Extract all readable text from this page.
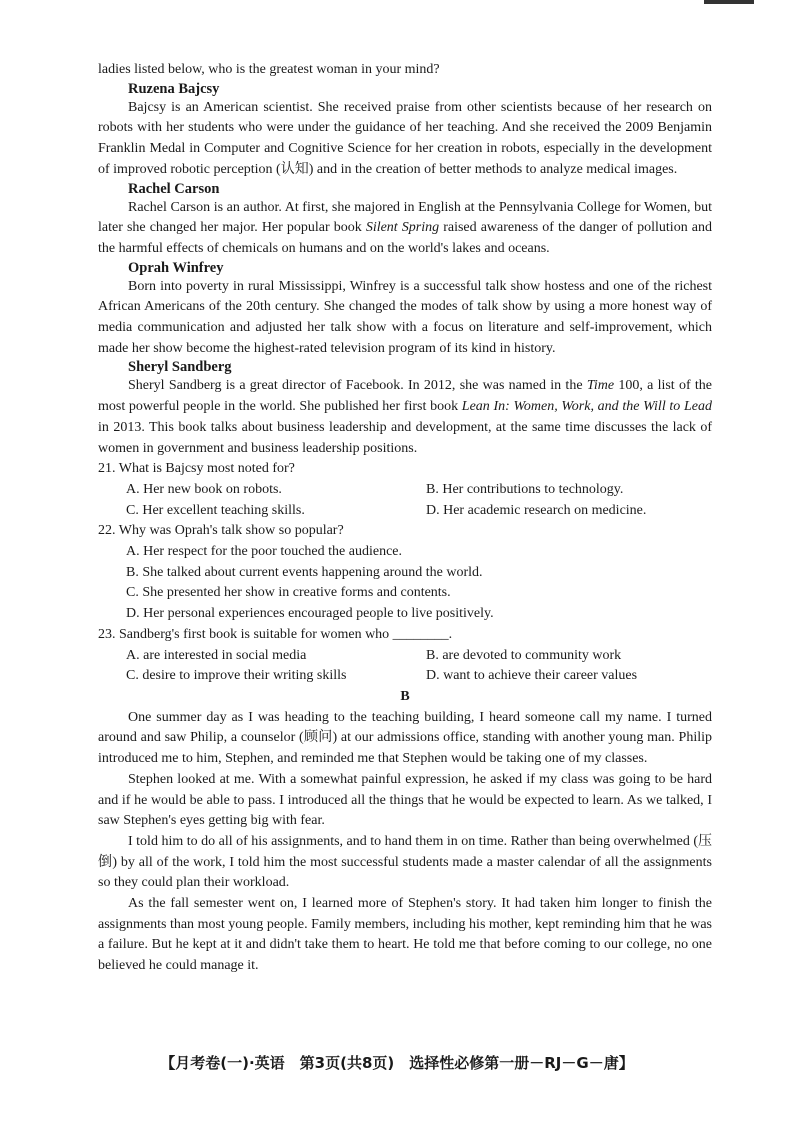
ladies listed below, who is the greatest woman in your mind?
Ruzena Bajcsy
Bajcsy is an American scientist. She received praise from other scientists because of her research on robots with her students who were under the guidance of her teaching. And she received the 2009 Benjamin Franklin Medal in Computer and Cognitive Science for her creation in robots, especially in the development of improved robotic perception (认知) and in the creation of better methods to analyze medical images.
Rachel Carson
Rachel Carson is an author. At first, she majored in English at the Pennsylvania College for Women, but later she changed her major. Her popular book Silent Spring raised awareness of the danger of pollution and the harmful effects of chemicals on humans and on the world's lakes and oceans.
Oprah Winfrey
Born into poverty in rural Mississippi, Winfrey is a successful talk show hostess and one of the richest African Americans of the 20th century. She changed the modes of talk show by using a more honest way of media communication and adjusted her talk show with a focus on literature and self-improvement, which made her show become the highest-rated television program of its kind in history.
Sheryl Sandberg
Sheryl Sandberg is a great director of Facebook. In 2012, she was named in the Time 100, a list of the most powerful people in the world. She published her first book Lean In: Women, Work, and the Will to Lead in 2013. This book talks about business leadership and development, at the same time discusses the lack of women in government and business leadership positions.
21. What is Bajcsy most noted for?
A. Her new book on robots.	B. Her contributions to technology.
C. Her excellent teaching skills.	D. Her academic research on medicine.
22. Why was Oprah's talk show so popular?
A. Her respect for the poor touched the audience.
B. She talked about current events happening around the world.
C. She presented her show in creative forms and contents.
D. Her personal experiences encouraged people to live positively.
23. Sandberg's first book is suitable for women who ________.
A. are interested in social media	B. are devoted to community work
C. desire to improve their writing skills	D. want to achieve their career values
B
One summer day as I was heading to the teaching building, I heard someone call my name. I turned around and saw Philip, a counselor (顾问) at our admissions office, standing with another young man. Philip introduced me to him, Stephen, and reminded me that Stephen would be taking one of my classes.
Stephen looked at me. With a somewhat painful expression, he asked if my class was going to be hard and if he would be able to pass. I introduced all the things that he would be expected to learn. As we talked, I saw Stephen's eyes getting big with fear.
I told him to do all of his assignments, and to hand them in on time. Rather than being overwhelmed (压倒) by all of the work, I told him the most successful students made a master calendar of all the assignments so they could plan their workload.
As the fall semester went on, I learned more of Stephen's story. It had taken him longer to finish the assignments than most young people. Family members, including his mother, kept reminding him that he was a failure. But he kept at it and didn't take them to heart. He told me that before coming to our college, no one believed he could manage it.
【月考卷(一)·英语　第3页(共8页)　选择性必修第一册－RJ－G－唐】
